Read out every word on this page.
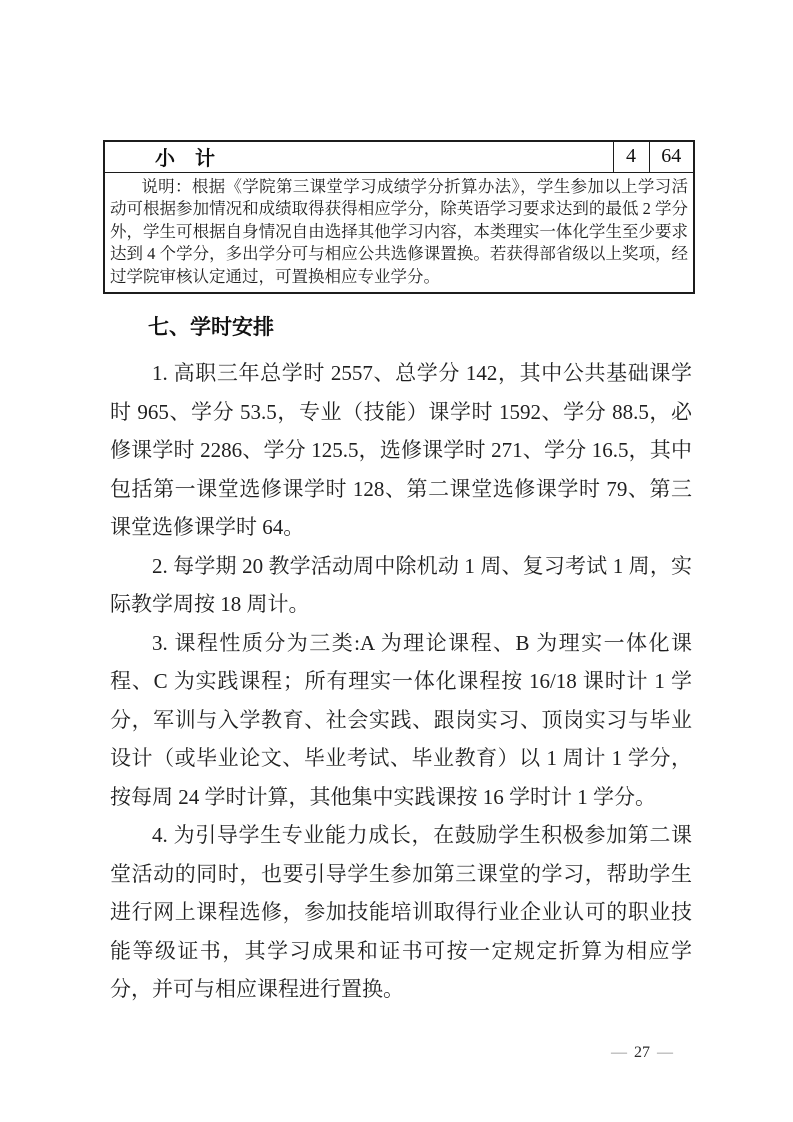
小　计	4	64
说明：根据《学院第三课堂学习成绩学分折算办法》，学生参加以上学习活动可根据参加情况和成绩取得获得相应学分，除英语学习要求达到的最低 2 学分外，学生可根据自身情况自由选择其他学习内容，本类理实一体化学生至少要求达到 4 个学分，多出学分可与相应公共选修课置换。若获得部省级以上奖项，经过学院审核认定通过，可置换相应专业学分。
七、学时安排

1. 高职三年总学时 2557、总学分 142，其中公共基础课学时 965、学分 53.5，专业（技能）课学时 1592、学分 88.5，必修课学时 2286、学分 125.5，选修课学时 271、学分 16.5，其中包括第一课堂选修课学时 128、第二课堂选修课学时 79、第三课堂选修课学时 64。

2. 每学期 20 教学活动周中除机动 1 周、复习考试 1 周，实际教学周按 18 周计。

3. 课程性质分为三类:A 为理论课程、B 为理实一体化课程、C 为实践课程；所有理实一体化课程按 16/18 课时计 1 学分，军训与入学教育、社会实践、跟岗实习、顶岗实习与毕业设计（或毕业论文、毕业考试、毕业教育）以 1 周计 1 学分，按每周 24 学时计算，其他集中实践课按 16 学时计 1 学分。

4. 为引导学生专业能力成长，在鼓励学生积极参加第二课堂活动的同时，也要引导学生参加第三课堂的学习，帮助学生进行网上课程选修，参加技能培训取得行业企业认可的职业技能等级证书，其学习成果和证书可按一定规定折算为相应学分，并可与相应课程进行置换。

— 27 —
